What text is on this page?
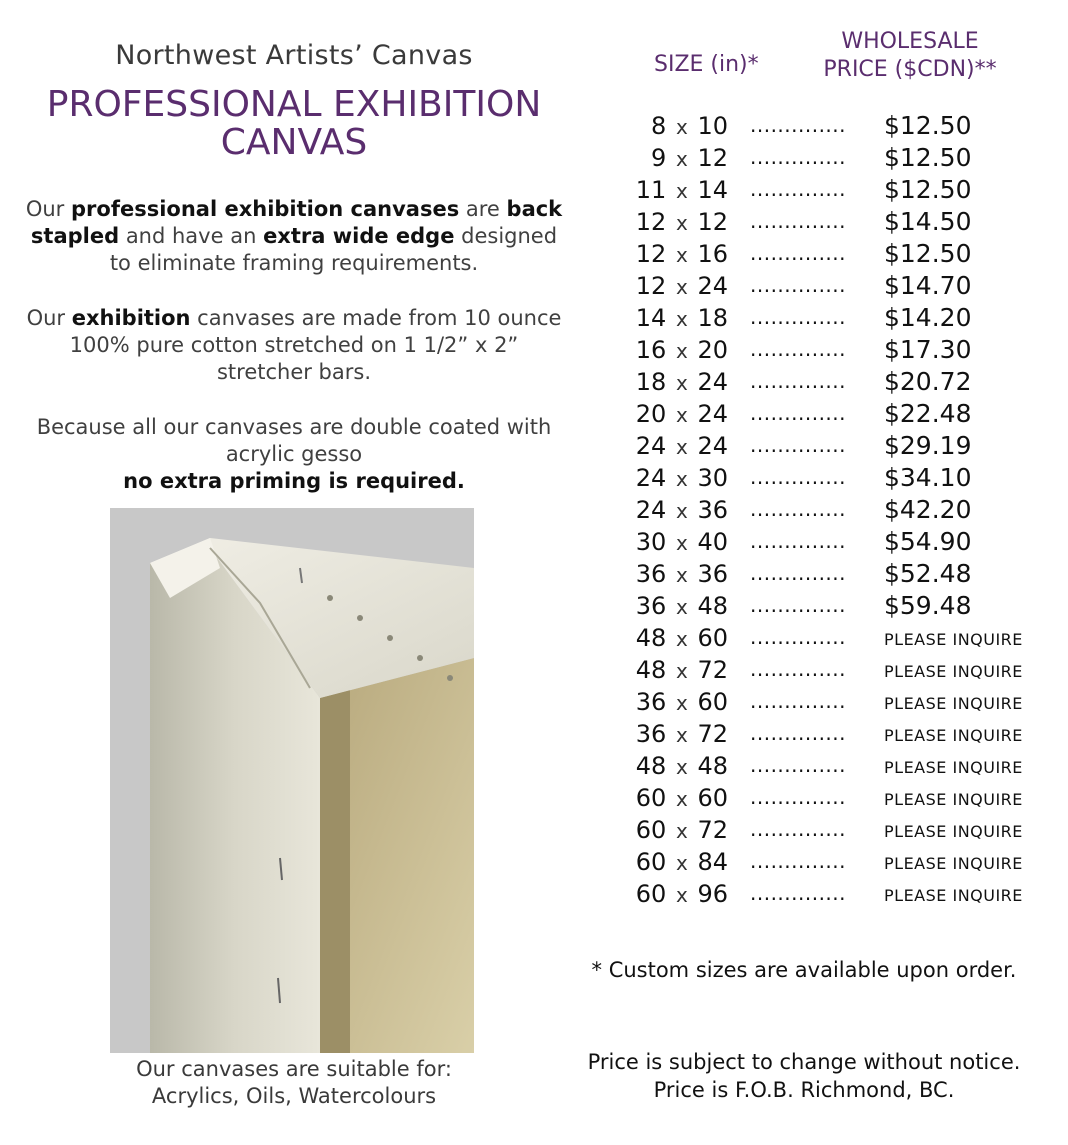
Northwest Artists’ Canvas

PROFESSIONAL EXHIBITION
CANVAS

Our professional exhibition canvases are back stapled and have an extra wide edge designed to eliminate framing requirements.

Our exhibition canvases are made from 10 ounce 100% pure cotton stretched on 1 1/2” x 2” stretcher bars.

Because all our canvases are double coated with acrylic gesso
no extra priming is required.

Our canvases are suitable for:
Acrylics, Oils, Watercolours
SIZE (in)*
WHOLESALE
PRICE ($CDN)**
8 x 10 .............. $12.50
9 x 12 .............. $12.50
11 x 14 .............. $12.50
12 x 12 .............. $14.50
12 x 16 .............. $12.50
12 x 24 .............. $14.70
14 x 18 .............. $14.20
16 x 20 .............. $17.30
18 x 24 .............. $20.72
20 x 24 .............. $22.48
24 x 24 .............. $29.19
24 x 30 .............. $34.10
24 x 36 .............. $42.20
30 x 40 .............. $54.90
36 x 36 .............. $52.48
36 x 48 .............. $59.48
48 x 60 .............. PLEASE INQUIRE
48 x 72 .............. PLEASE INQUIRE
36 x 60 .............. PLEASE INQUIRE
36 x 72 .............. PLEASE INQUIRE
48 x 48 .............. PLEASE INQUIRE
60 x 60 .............. PLEASE INQUIRE
60 x 72 .............. PLEASE INQUIRE
60 x 84 .............. PLEASE INQUIRE
60 x 96 .............. PLEASE INQUIRE
* Custom sizes are available upon order.
Price is subject to change without notice.
Price is F.O.B. Richmond, BC.
